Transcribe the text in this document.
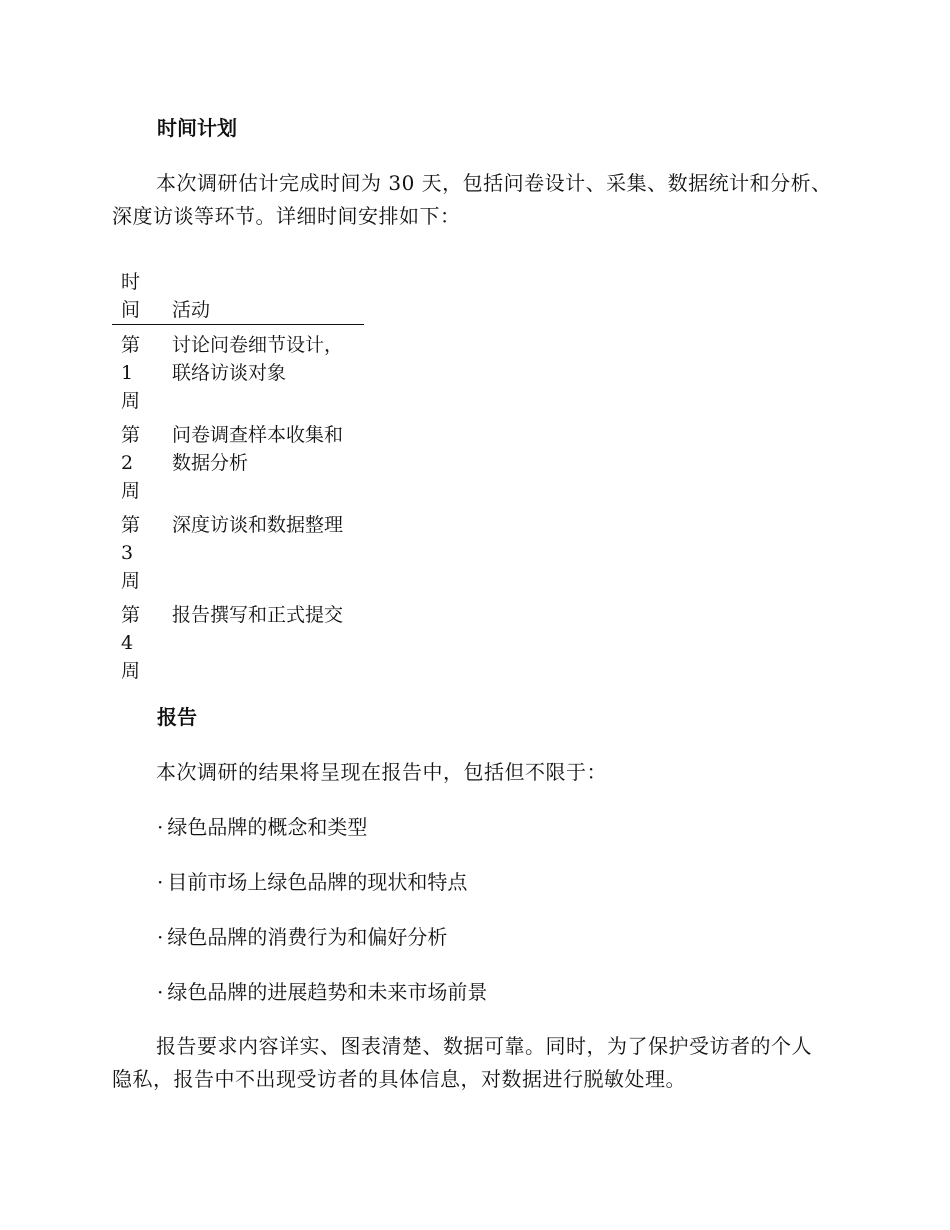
时间计划

本次调研估计完成时间为 30 天，包括问卷设计、采集、数据统计和分析、深度访谈等环节。详细时间安排如下：

时间	活动
第1周
讨论问卷细节设计，联络访谈对象
第2周
问卷调查样本收集和数据分析
第3周
深度访谈和数据整理
第4周
报告撰写和正式提交
报告

本次调研的结果将呈现在报告中，包括但不限于：

· 绿色品牌的概念和类型

· 目前市场上绿色品牌的现状和特点

· 绿色品牌的消费行为和偏好分析

· 绿色品牌的进展趋势和未来市场前景

报告要求内容详实、图表清楚、数据可靠。同时，为了保护受访者的个人隐私，报告中不出现受访者的具体信息，对数据进行脱敏处理。
